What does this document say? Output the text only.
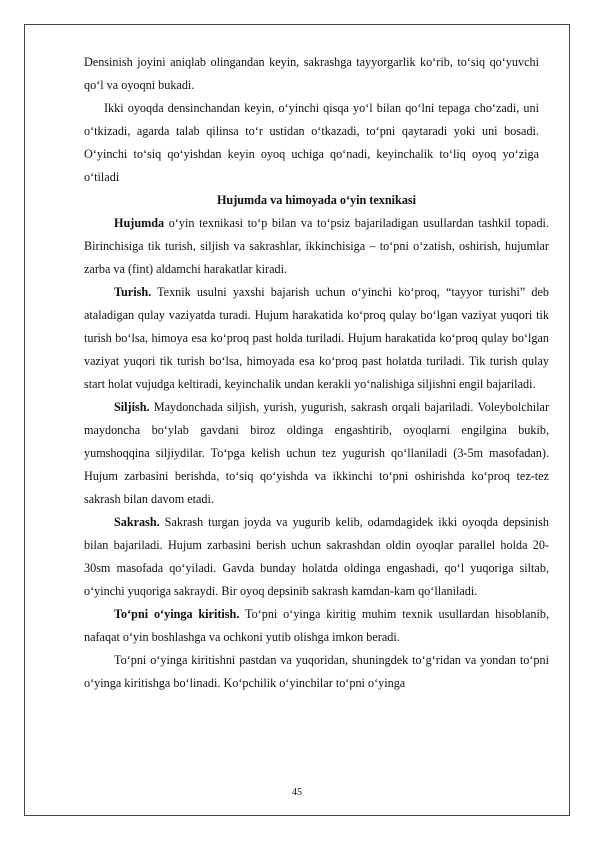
Densinish joyini aniqlab olingandan keyin, sakrashga tayyorgarlik ko‘rib, to‘siq qo‘yuvchi qo‘l va oyoqni bukadi.

Ikki oyoqda densinchandan keyin, o‘yinchi qisqa yo‘l bilan qo‘lni tepaga cho‘zadi, uni o‘tkizadi, agarda talab qilinsa to‘r ustidan o‘tkazadi, to‘pni qaytaradi yoki uni bosadi. O‘yinchi to‘siq qo‘yishdan keyin oyoq uchiga qo‘nadi, keyinchalik to‘liq oyoq yo‘ziga o‘tiladi

Hujumda va himoyada o‘yin texnikasi

Hujumda o‘yin texnikasi to‘p bilan va to‘psiz bajariladigan usullardan tashkil topadi. Birinchisiga tik turish, siljish va sakrashlar, ikkinchisiga – to‘pni o‘zatish, oshirish, hujumlar zarba va (fint) aldamchi harakatlar kiradi.

Turish. Texnik usulni yaxshi bajarish uchun o‘yinchi ko‘proq, “tayyor turishi” deb ataladigan qulay vaziyatda turadi. Hujum harakatida ko‘proq qulay bo‘lgan vaziyat yuqori tik turish bo‘lsa, himoya esa ko‘proq past holda turiladi. Hujum harakatida ko‘proq qulay bo‘lgan vaziyat yuqori tik turish bo‘lsa, himoyada esa ko‘proq past holatda turiladi. Tik turish qulay start holat vujudga keltiradi, keyinchalik undan kerakli yo‘nalishiga siljishni engil bajariladi.

Siljish. Maydonchada siljish, yurish, yugurish, sakrash orqali bajariladi. Voleybolchilar maydoncha bo‘ylab gavdani biroz oldinga engashtirib, oyoqlarni engilgina bukib, yumshoqqina siljiydilar. To‘pga kelish uchun tez yugurish qo‘llaniladi (3-5m masofadan). Hujum zarbasini berishda, to‘siq qo‘yishda va ikkinchi to‘pni oshirishda ko‘proq tez-tez sakrash bilan davom etadi.

Sakrash. Sakrash turgan joyda va yugurib kelib, odamdagidek ikki oyoqda depsinish bilan bajariladi. Hujum zarbasini berish uchun sakrashdan oldin oyoqlar parallel holda 20-30sm masofada qo‘yiladi. Gavda bunday holatda oldinga engashadi, qo‘l yuqoriga siltab, o‘yinchi yuqoriga sakraydi. Bir oyoq depsinib sakrash kamdan-kam qo‘llaniladi.

To‘pni o‘yinga kiritish. To‘pni o‘yinga kiritig muhim texnik usullardan hisoblanib, nafaqat o‘yin boshlashga va ochkoni yutib olishga imkon beradi.

To‘pni o‘yinga kiritishni pastdan va yuqoridan, shuningdek to‘g‘ridan va yondan to‘pni o‘yinga kiritishga bo‘linadi. Ko‘pchilik o‘yinchilar to‘pni o‘yinga

45
